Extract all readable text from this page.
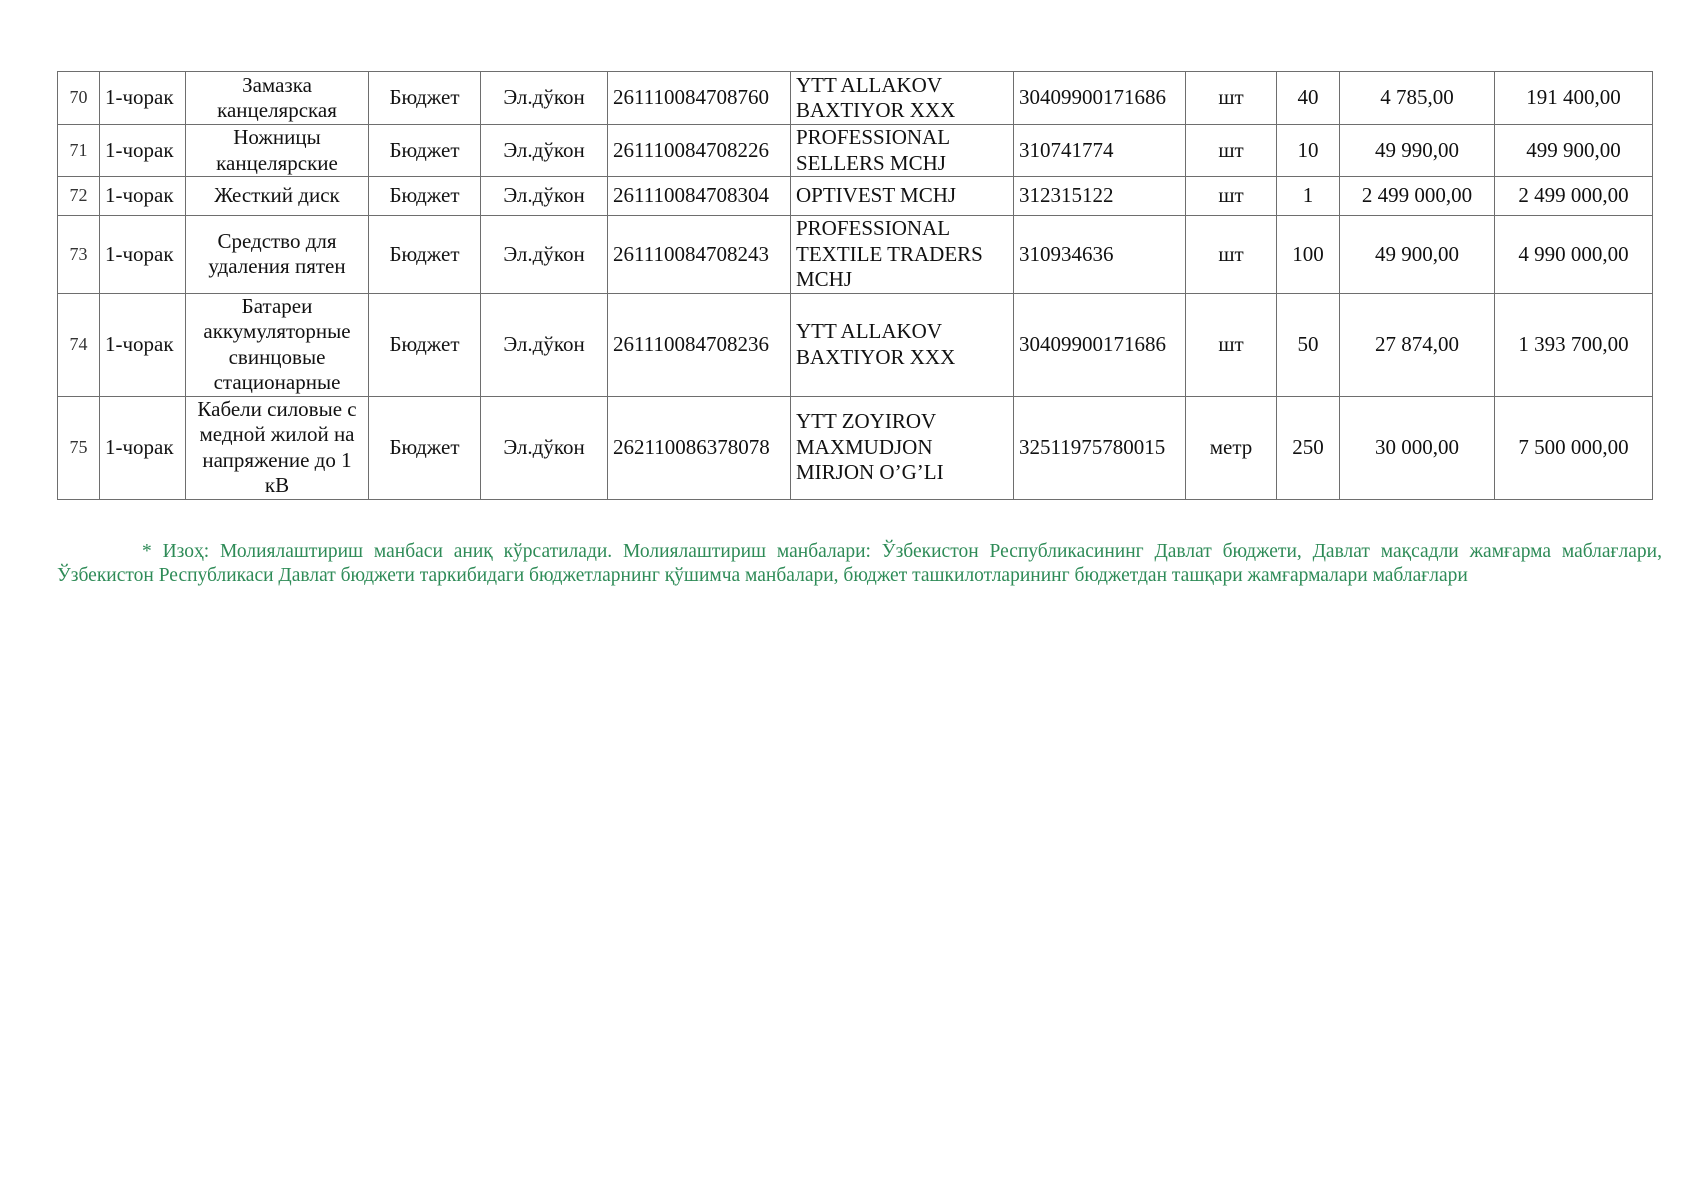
70	1-чорак	Замазка канцелярская	Бюджет	Эл.дўкон	261110084708760	YTT ALLAKOV BAXTIYOR XXX	30409900171686	шт	40	4 785,00	191 400,00
71	1-чорак	Ножницы канцелярские	Бюджет	Эл.дўкон	261110084708226	PROFESSIONAL SELLERS MCHJ	310741774	шт	10	49 990,00	499 900,00
72	1-чорак	Жесткий диск	Бюджет	Эл.дўкон	261110084708304	OPTIVEST MCHJ	312315122	шт	1	2 499 000,00	2 499 000,00
73	1-чорак	Средство для удаления пятен	Бюджет	Эл.дўкон	261110084708243	PROFESSIONAL TEXTILE TRADERS MCHJ	310934636	шт	100	49 900,00	4 990 000,00
74	1-чорак	Батареи аккумуляторные свинцовые стационарные	Бюджет	Эл.дўкон	261110084708236	YTT ALLAKOV BAXTIYOR XXX	30409900171686	шт	50	27 874,00	1 393 700,00
75	1-чорак	Кабели силовые с медной жилой на напряжение до 1 кВ	Бюджет	Эл.дўкон	262110086378078	YTT ZOYIROV MAXMUDJON MIRJON O’G’LI	32511975780015	метр	250	30 000,00	7 500 000,00

* Изоҳ: Молиялаштириш манбаси аниқ кўрсатилади. Молиялаштириш манбалари: Ўзбекистон Республикасининг Давлат бюджети, Давлат мақсадли жамғарма маблағлари, Ўзбекистон Республикаси Давлат бюджети таркибидаги бюджетларнинг қўшимча манбалари, бюджет ташкилотларининг бюджетдан ташқари жамғармалари маблағлари
